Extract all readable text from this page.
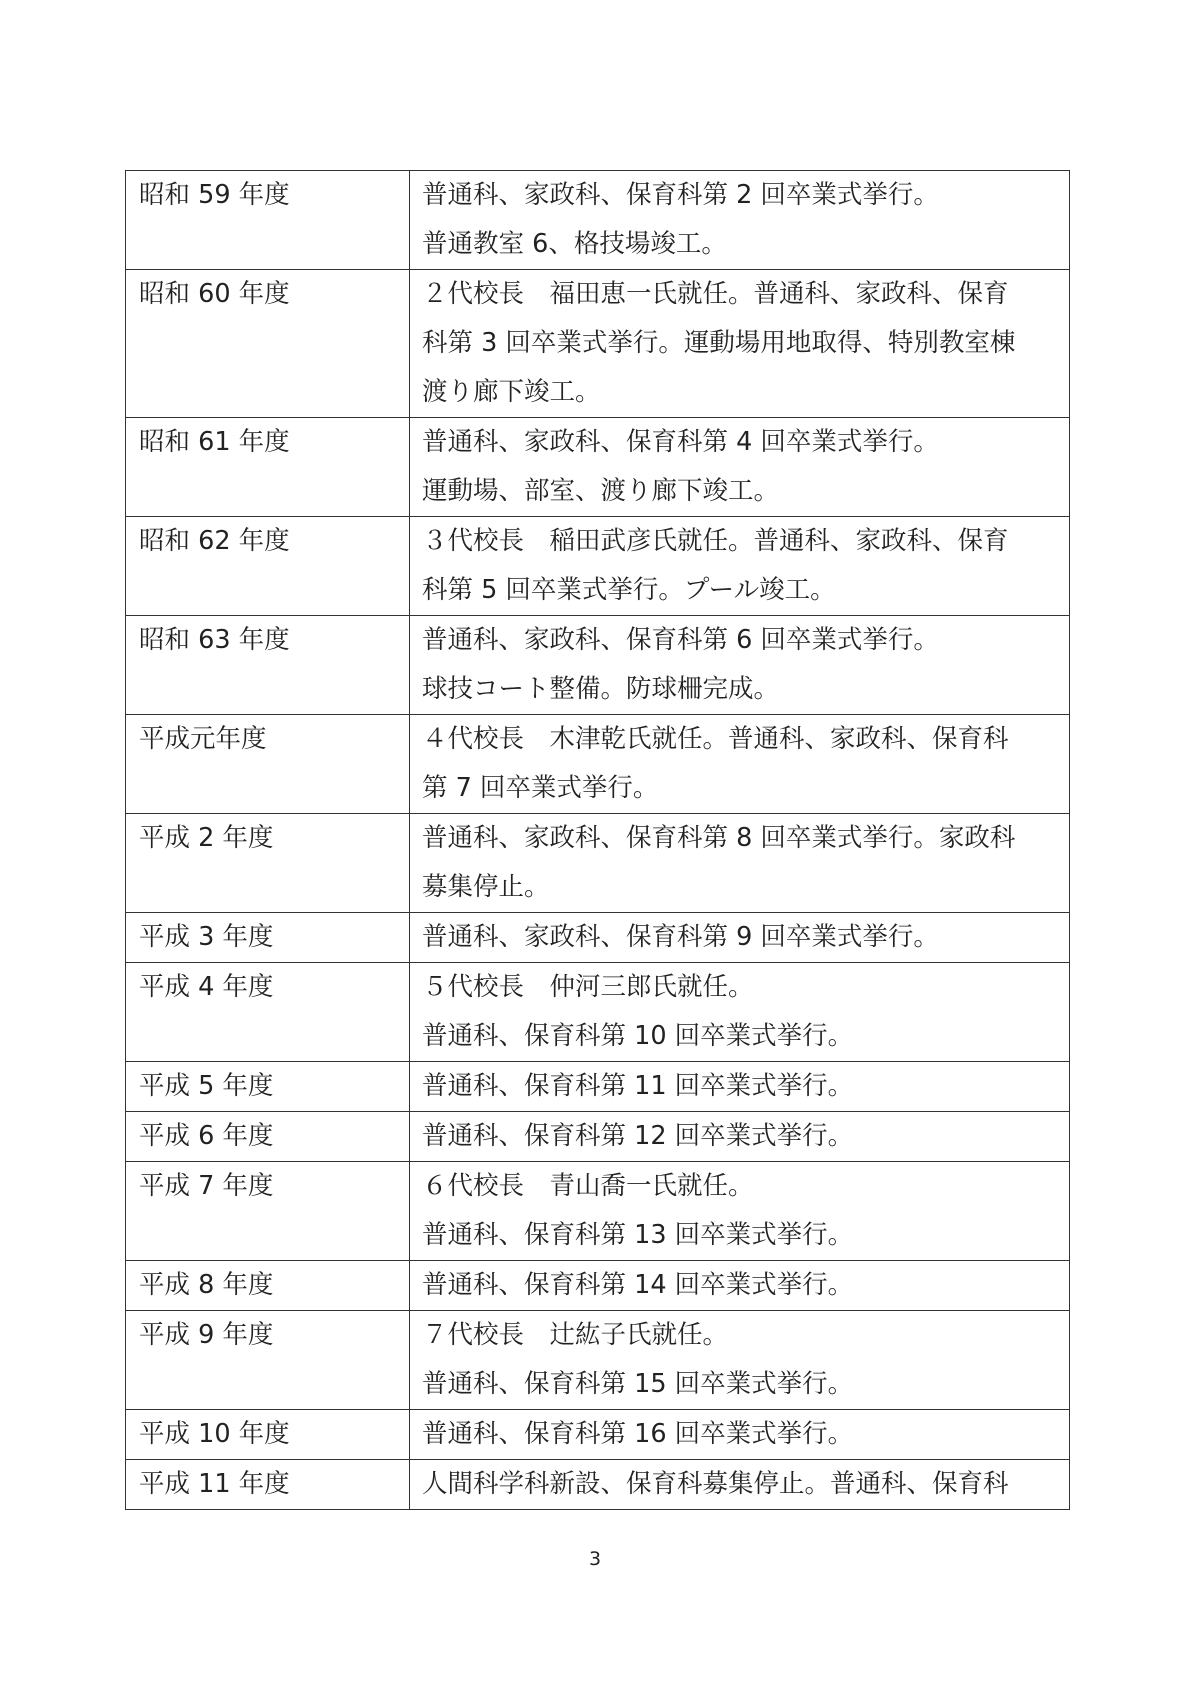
昭和 59 年度	普通科、家政科、保育科第 2 回卒業式挙行。
普通教室 6、格技場竣工。

昭和 60 年度	２代校長　福田恵一氏就任。普通科、家政科、保育
科第 3 回卒業式挙行。運動場用地取得、特別教室棟
渡り廊下竣工。

昭和 61 年度	普通科、家政科、保育科第 4 回卒業式挙行。
運動場、部室、渡り廊下竣工。

昭和 62 年度	３代校長　稲田武彦氏就任。普通科、家政科、保育
科第 5 回卒業式挙行。プール竣工。

昭和 63 年度	普通科、家政科、保育科第 6 回卒業式挙行。
球技コート整備。防球柵完成。

平成元年度	４代校長　木津乾氏就任。普通科、家政科、保育科
第 7 回卒業式挙行。

平成 2 年度	普通科、家政科、保育科第 8 回卒業式挙行。家政科
募集停止。

平成 3 年度	普通科、家政科、保育科第 9 回卒業式挙行。

平成 4 年度	５代校長　仲河三郎氏就任。
普通科、保育科第 10 回卒業式挙行。

平成 5 年度	普通科、保育科第 11 回卒業式挙行。

平成 6 年度	普通科、保育科第 12 回卒業式挙行。

平成 7 年度	６代校長　青山喬一氏就任。
普通科、保育科第 13 回卒業式挙行。

平成 8 年度	普通科、保育科第 14 回卒業式挙行。

平成 9 年度	７代校長　辻紘子氏就任。
普通科、保育科第 15 回卒業式挙行。

平成 10 年度	普通科、保育科第 16 回卒業式挙行。

平成 11 年度	人間科学科新設、保育科募集停止。普通科、保育科
3
